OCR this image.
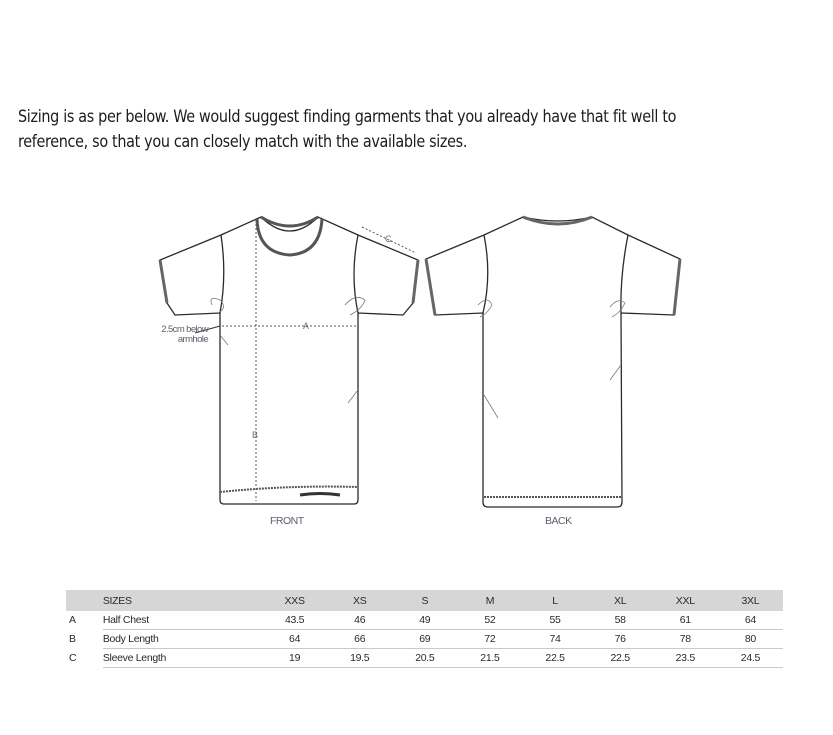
Sizing is as per below. We would suggest finding garments that you already have that fit well to
reference, so that you can closely match with the available sizes.

A
B
C
2.5cm below
armhole
FRONT	BACK
	SIZES	XXS	XS	S	M	L	XL	XXL	3XL
A	Half Chest	43.5	46	49	52	55	58	61	64
B	Body Length	64	66	69	72	74	76	78	80
C	Sleeve Length	19	19.5	20.5	21.5	22.5	22.5	23.5	24.5
